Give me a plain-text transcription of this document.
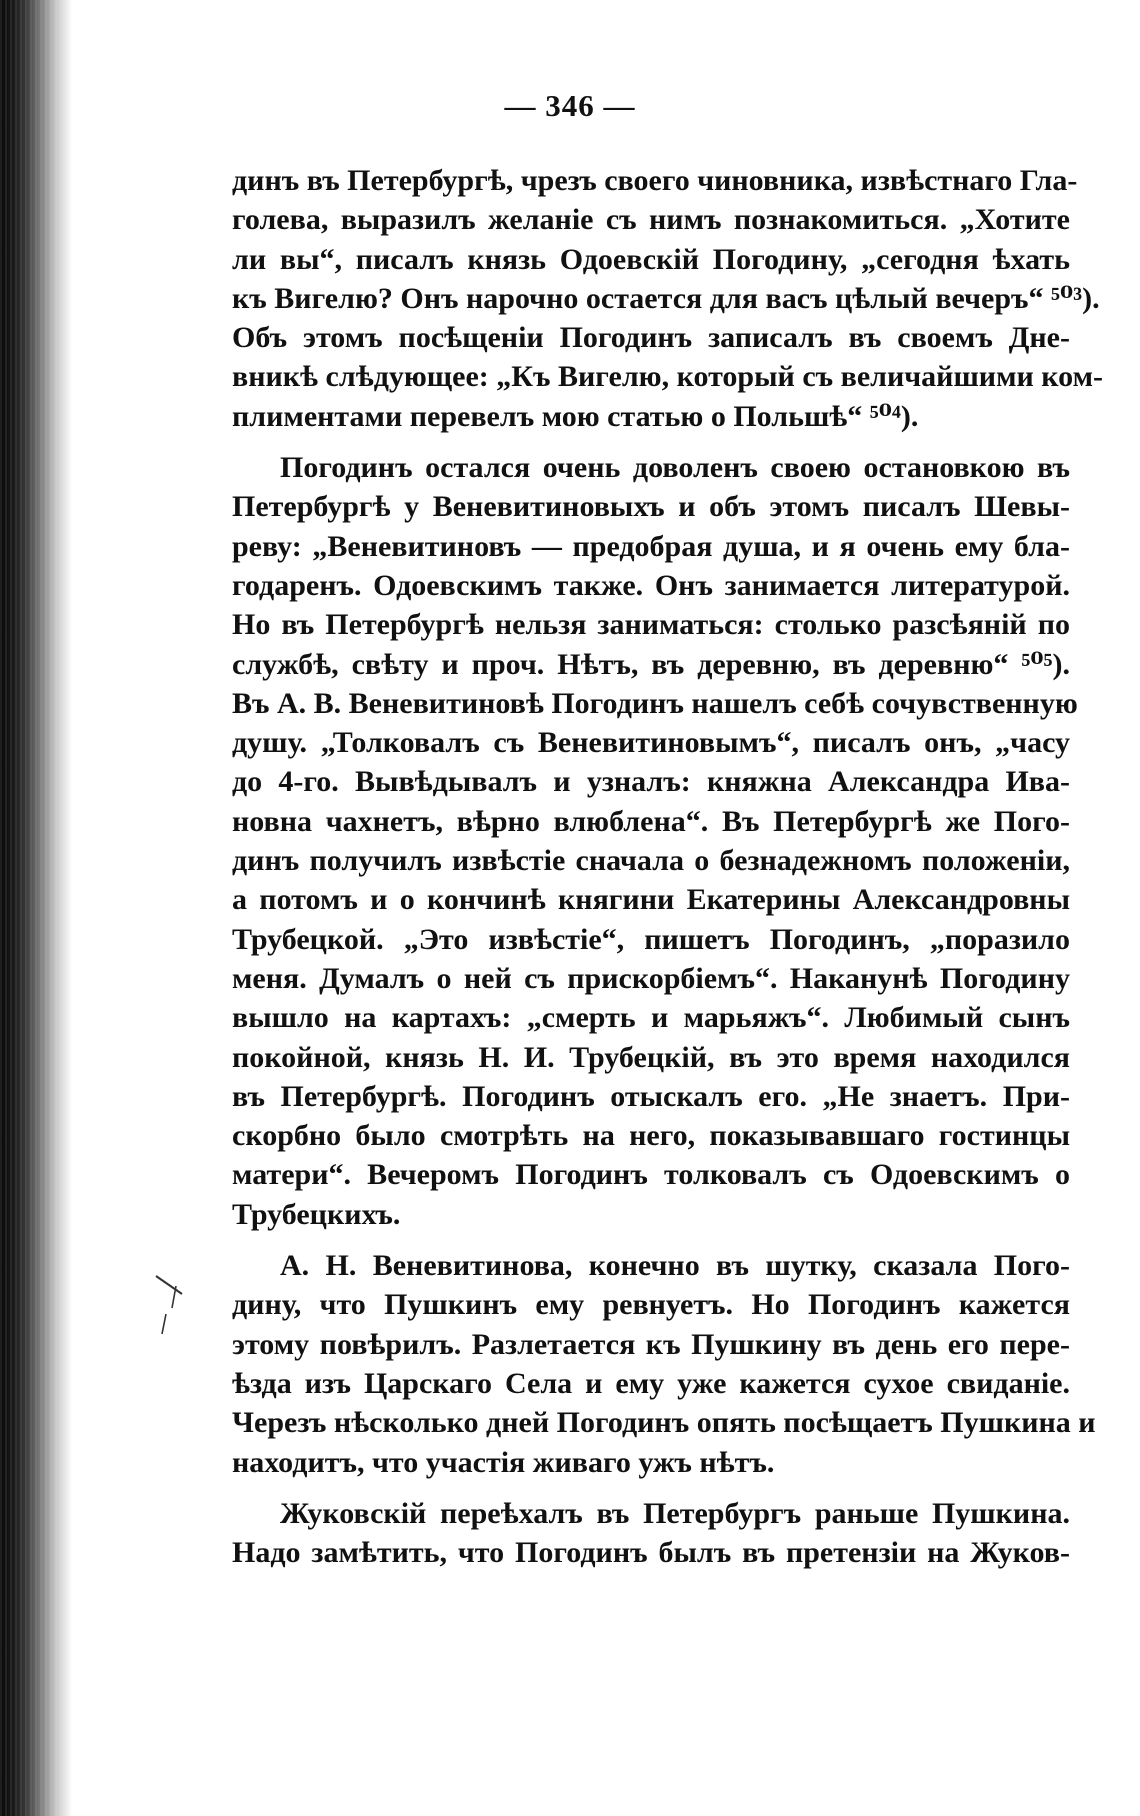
— 346 —
динъ въ Петербургѣ, чрезъ своего чиновника, извѣстнаго Гла-
голева, выразилъ желаніе съ нимъ познакомиться. „Хотите
ли вы“, писалъ князь Одоевскій Погодину, „сегодня ѣхать
къ Вигелю? Онъ нарочно остается для васъ цѣлый вечеръ“ ⁵⁰³).
Объ этомъ посѣщеніи Погодинъ записалъ въ своемъ Дне-
вникѣ слѣдующее: „Къ Вигелю, который съ величайшими ком-
плиментами перевелъ мою статью о Польшѣ“ ⁵⁰⁴).
Погодинъ остался очень доволенъ своею остановкою въ
Петербургѣ у Веневитиновыхъ и объ этомъ писалъ Шевы-
реву: „Веневитиновъ — предобрая душа, и я очень ему бла-
годаренъ. Одоевскимъ также. Онъ занимается литературой.
Но въ Петербургѣ нельзя заниматься: столько разсѣяній по
службѣ, свѣту и проч. Нѣтъ, въ деревню, въ деревню“ ⁵⁰⁵).
Въ А. В. Веневитиновѣ Погодинъ нашелъ себѣ сочувственную
душу. „Толковалъ съ Веневитиновымъ“, писалъ онъ, „часу
до 4-го. Вывѣдывалъ и узналъ: княжна Александра Ива-
новна чахнетъ, вѣрно влюблена“. Въ Петербургѣ же Пого-
динъ получилъ извѣстіе сначала о безнадежномъ положеніи,
а потомъ и о кончинѣ княгини Екатерины Александровны
Трубецкой. „Это извѣстіе“, пишетъ Погодинъ, „поразило
меня. Думалъ о ней съ прискорбіемъ“. Наканунѣ Погодину
вышло на картахъ: „смерть и марьяжъ“. Любимый сынъ
покойной, князь Н. И. Трубецкій, въ это время находился
въ Петербургѣ. Погодинъ отыскалъ его. „Не знаетъ. При-
скорбно было смотрѣть на него, показывавшаго гостинцы
матери“. Вечеромъ Погодинъ толковалъ съ Одоевскимъ о
Трубецкихъ.
А. Н. Веневитинова, конечно въ шутку, сказала Пого-
дину, что Пушкинъ ему ревнуетъ. Но Погодинъ кажется
этому повѣрилъ. Разлетается къ Пушкину въ день его пере-
ѣзда изъ Царскаго Села и ему уже кажется сухое свиданіе.
Черезъ нѣсколько дней Погодинъ опять посѣщаетъ Пушкина и
находитъ, что участія живаго ужъ нѣтъ.
Жуковскій переѣхалъ въ Петербургъ раньше Пушкина.
Надо замѣтить, что Погодинъ былъ въ претензіи на Жуков-
